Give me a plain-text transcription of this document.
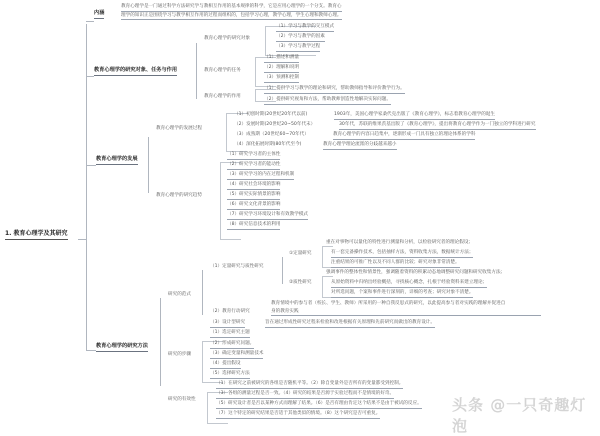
1. 教育心理学及其研究
内涵
教育心理学是一门通过科学方法研究学与教相互作用的基本规律的科学，它是应用心理学的一个分支。教育心
理学的知识正是围绕学习与教学相互作用的过程而组织的，包括学习心理，教学心理，学生心理和教师心理。
教育心理学的研究对象、任务与作用
教育心理学的研究对象
（1）学习与教学的交互模式
（2）学习与教学的因素
（3）学习与教学过程
教育心理学的任务
（1）描述和测量
（2）理解和说明
（3）预测和控制
教育心理学的作用
（1）提供学习与教学的理论和研究，帮助教师指导和评价教学行为。
（2）提供研究视角和方法，帮助教师创造性地解决实际问题。
教育心理学的发展
教育心理学的发展过程
（1）初创时期(20世纪20年代以前)	1903年，美国心理学家桑代克出版了《教育心理学》，标志着教育心理学的诞生
（2）发展时期(20世纪20~50年代末）	30年代，苏联的维果茨基出版了《教育心理学》，提出将教育心理学作为一门独立的学科进行研究
（3）成熟期（20世纪60~70年代）	教育心理学的内容日趋集中，逐渐形成一门具有独立的理论体系的学科
（4）深化拓展时期(80年代至今)	教育心理学理论流派的分歧越来越小
教育心理学的研究趋势
（1）研究学习者的主体性
（2）研究学习者的能动性
（3）研究学习的内在过程和机制
（4）研究社会环境的影响
（5）研究实际情景的影响
（6）研究文化背景的影响
（7）研究学习环境设计和有效教学模式
（8）研究信息技术的利用
教育心理学的研究方法
研究的范式
（1）定量研究与质性研究
①定量研究
重在对事物可以量化的特性进行测量和分析，以检验研究者的理论假设；
有一套完备操作技术，包括抽样方法，资料收集方法，数据统计方法；
注重结果的可推广性以及不同人群的比较；研究对象非常清楚。
②质性研究
强调事件的整体性和情景性，强调随着资料的积累动态地调整研究问题和研究收集方法；
从原始资料中归纳出经验概括，寻找核心概念，扎根于经验资料来建立理论；
对所选问题，个案和事件进行深刻的，详细的考查；研究对象不清楚。
（2）教育行动研究
教育情境中的参与者（校长、学生、教师）所采用的一种自我反思式的研究，以此提高参与者对实践的理解并促进自
身的教育实践
（3）设计型研究	旨在通过形成性研究过程来检验和改进根据有关原理和先前研究而做出的教育设计。
研究的步骤
（1）选定研究主题
（2）形成研究问题。
（3）确定变量和测量技术
（4）提出假设
（5）选择研究方法
研究的有效性
（1）在研究之前被研究的各组是否随机平等。（2）除自变量外是否所有的变量都受到控制。
（3）各组的测量过程是否一致。（4）研究的结果是否源于实验过程而不是情境的好奇。
（5）研究设计者是否以某种方式而理解了结果。（6）是否有理由肯定这个结果不是由于被试的反应。
（7）这个特定的研究结果是否适于其他类似的情境。（8）这个研究是否可重复。	头条 @一只奇趣灯泡
